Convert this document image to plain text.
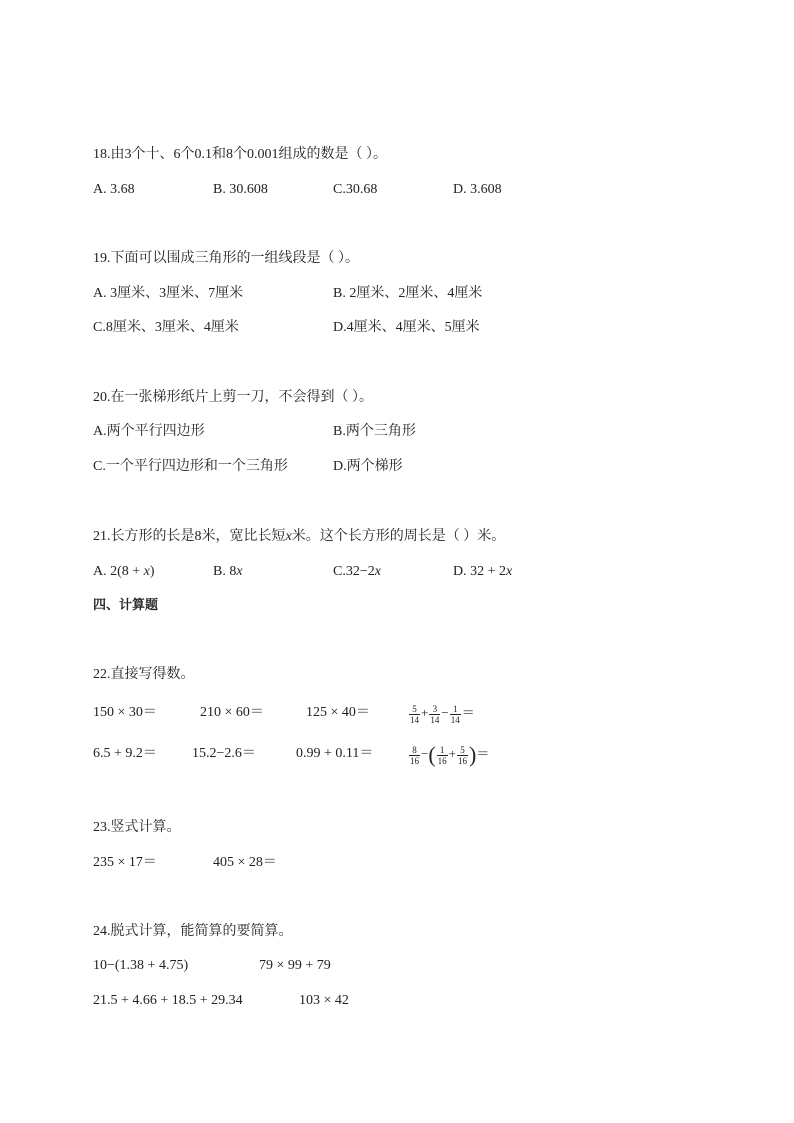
18.由3个十、6个0.1和8个0.001组成的数是（ ）。
A. 3.68	B. 30.608	C.30.68	D. 3.608
19.下面可以围成三角形的一组线段是（ ）。
A. 3厘米、3厘米、7厘米	B. 2厘米、2厘米、4厘米
C.8厘米、3厘米、4厘米	D.4厘米、4厘米、5厘米
20.在一张梯形纸片上剪一刀，不会得到（ ）。
A.两个平行四边形	B.两个三角形
C.一个平行四边形和一个三角形	D.两个梯形
21.长方形的长是8米，宽比长短x米。这个长方形的周长是（ ）米。
A. 2(8 + x)	B. 8x	C.32−2x	D. 32 + 2x
四、计算题
22.直接写得数。
150 × 30＝	210 × 60＝	125 × 40＝	$\frac{5}{14} + \frac{3}{14} - \frac{1}{14}$ ＝
6.5 + 9.2＝	15.2−2.6＝	0.99 + 0.11＝	$\frac{8}{16}$ −( $\frac{1}{16} + \frac{5}{16}$ )＝
23.竖式计算。
235 × 17＝	405 × 28＝
24.脱式计算，能简算的要简算。
10−(1.38 + 4.75)	79 × 99 + 79
21.5 + 4.66 + 18.5 + 29.34	103 × 42
